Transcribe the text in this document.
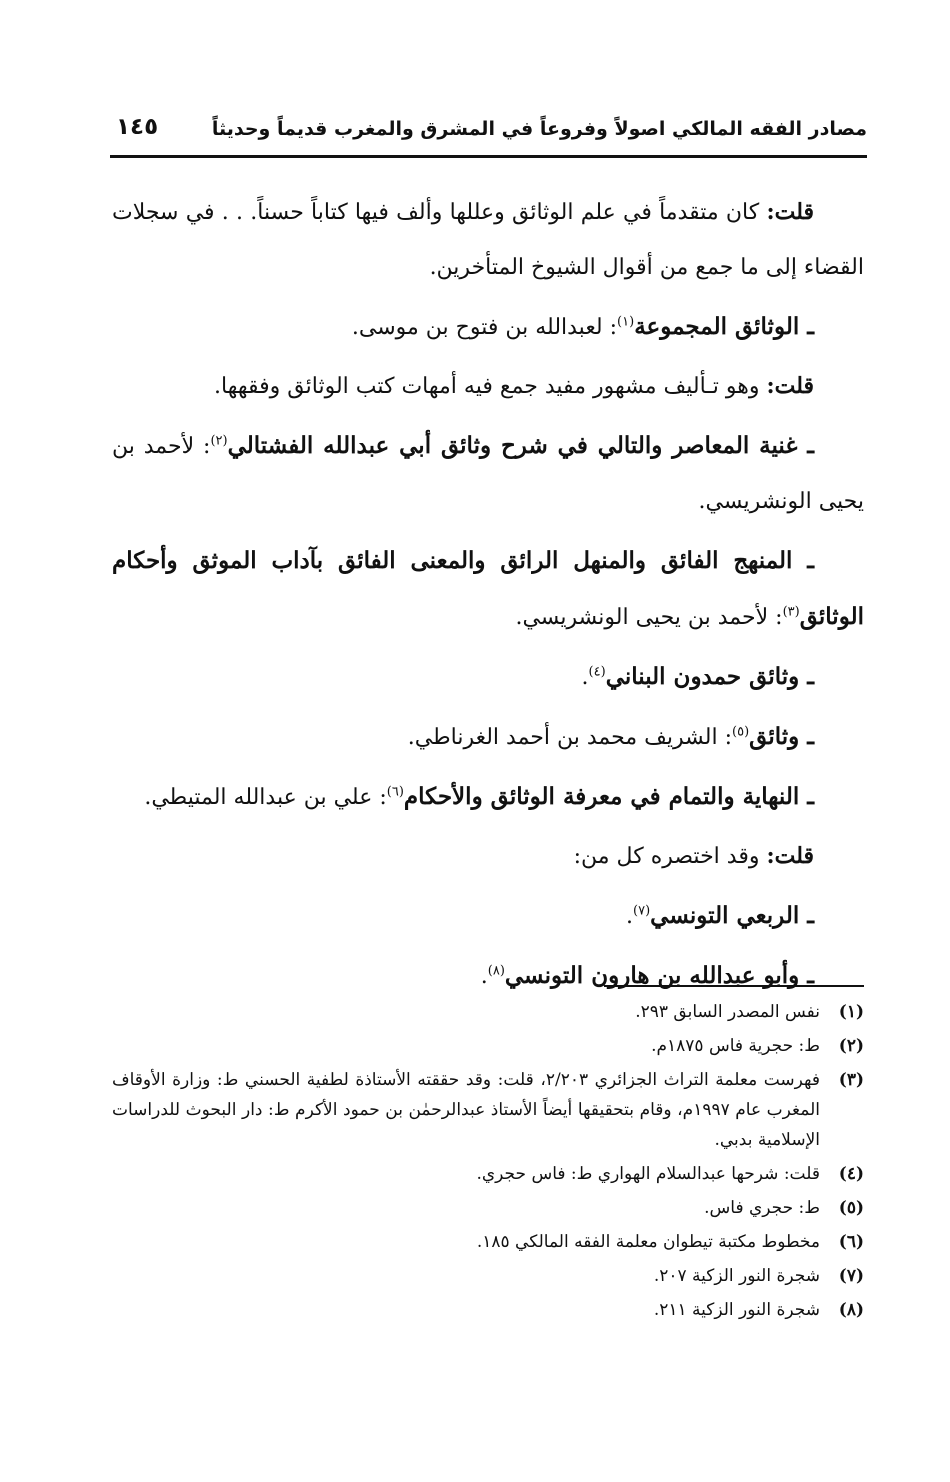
مصادر الفقه المالكي اصولاً وفروعاً في المشرق والمغرب قديماً وحديثاً
١٤٥

قلت: كان متقدماً في علم الوثائق وعللها وألف فيها كتاباً حسناً. . . في سجلات القضاء إلى ما جمع من أقوال الشيوخ المتأخرين.

ـ الوثائق المجموعة$^{(١)}$: لعبدالله بن فتوح بن موسى.

قلت: وهو تـأليف مشهور مفيد جمع فيه أمهات كتب الوثائق وفقهها.

ـ غنية المعاصر والتالي في شرح وثائق أبي عبدالله الفشتالي$^{(٢)}$: لأحمد بن يحيى الونشريسي.

ـ المنهج الفائق والمنهل الرائق والمعنى الفائق بآداب الموثق وأحكام الوثائق$^{(٣)}$: لأحمد بن يحيى الونشريسي.

ـ وثائق حمدون البناني$^{(٤)}$.

ـ وثائق$^{(٥)}$: الشريف محمد بن أحمد الغرناطي.

ـ النهاية والتمام في معرفة الوثائق والأحكام$^{(٦)}$: علي بن عبدالله المتيطي.

قلت: وقد اختصره كل من:

ـ الربعي التونسي$^{(٧)}$.

ـ وأبو عبدالله بن هارون التونسي$^{(٨)}$.

(١)
نفس المصدر السابق ٢٩٣.
(٢)
ط: حجرية فاس ١٨٧٥م.
(٣)
فهرست معلمة التراث الجزائري ٢/٢٠٣، قلت: وقد حققته الأستاذة لطفية الحسني ط: وزارة الأوقاف المغرب عام ١٩٩٧م، وقام بتحقيقها أيضاً الأستاذ عبدالرحمٰن بن حمود الأكرم ط: دار البحوث للدراسات الإسلامية بدبي.
(٤)
قلت: شرحها عبدالسلام الهواري ط: فاس حجري.
(٥)
ط: حجري فاس.
(٦)
مخطوط مكتبة تيطوان معلمة الفقه المالكي ١٨٥.
(٧)
شجرة النور الزكية ٢٠٧.
(٨)
شجرة النور الزكية ٢١١.
